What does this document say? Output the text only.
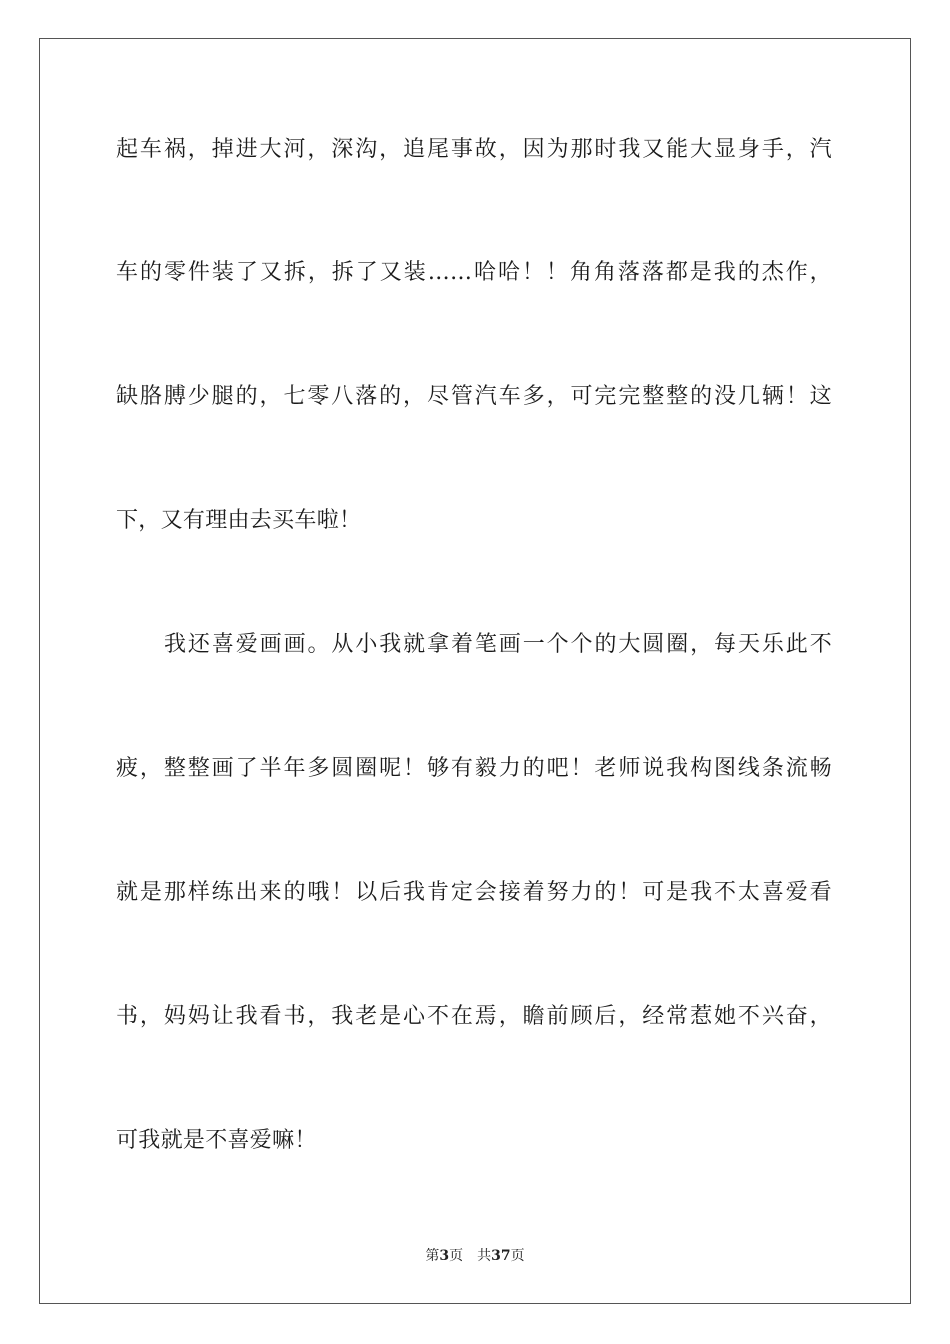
起车祸，掉进大河，深沟，追尾事故，因为那时我又能大显身手，汽
车的零件装了又拆，拆了又装……哈哈！！角角落落都是我的杰作，
缺胳膊少腿的，七零八落的，尽管汽车多，可完完整整的没几辆！这
下，又有理由去买车啦！
我还喜爱画画。从小我就拿着笔画一个个的大圆圈，每天乐此不
疲，整整画了半年多圆圈呢！够有毅力的吧！老师说我构图线条流畅
就是那样练出来的哦！以后我肯定会接着努力的！可是我不太喜爱看
书，妈妈让我看书，我老是心不在焉，瞻前顾后，经常惹她不兴奋，
可我就是不喜爱嘛！
第3页 共37页
